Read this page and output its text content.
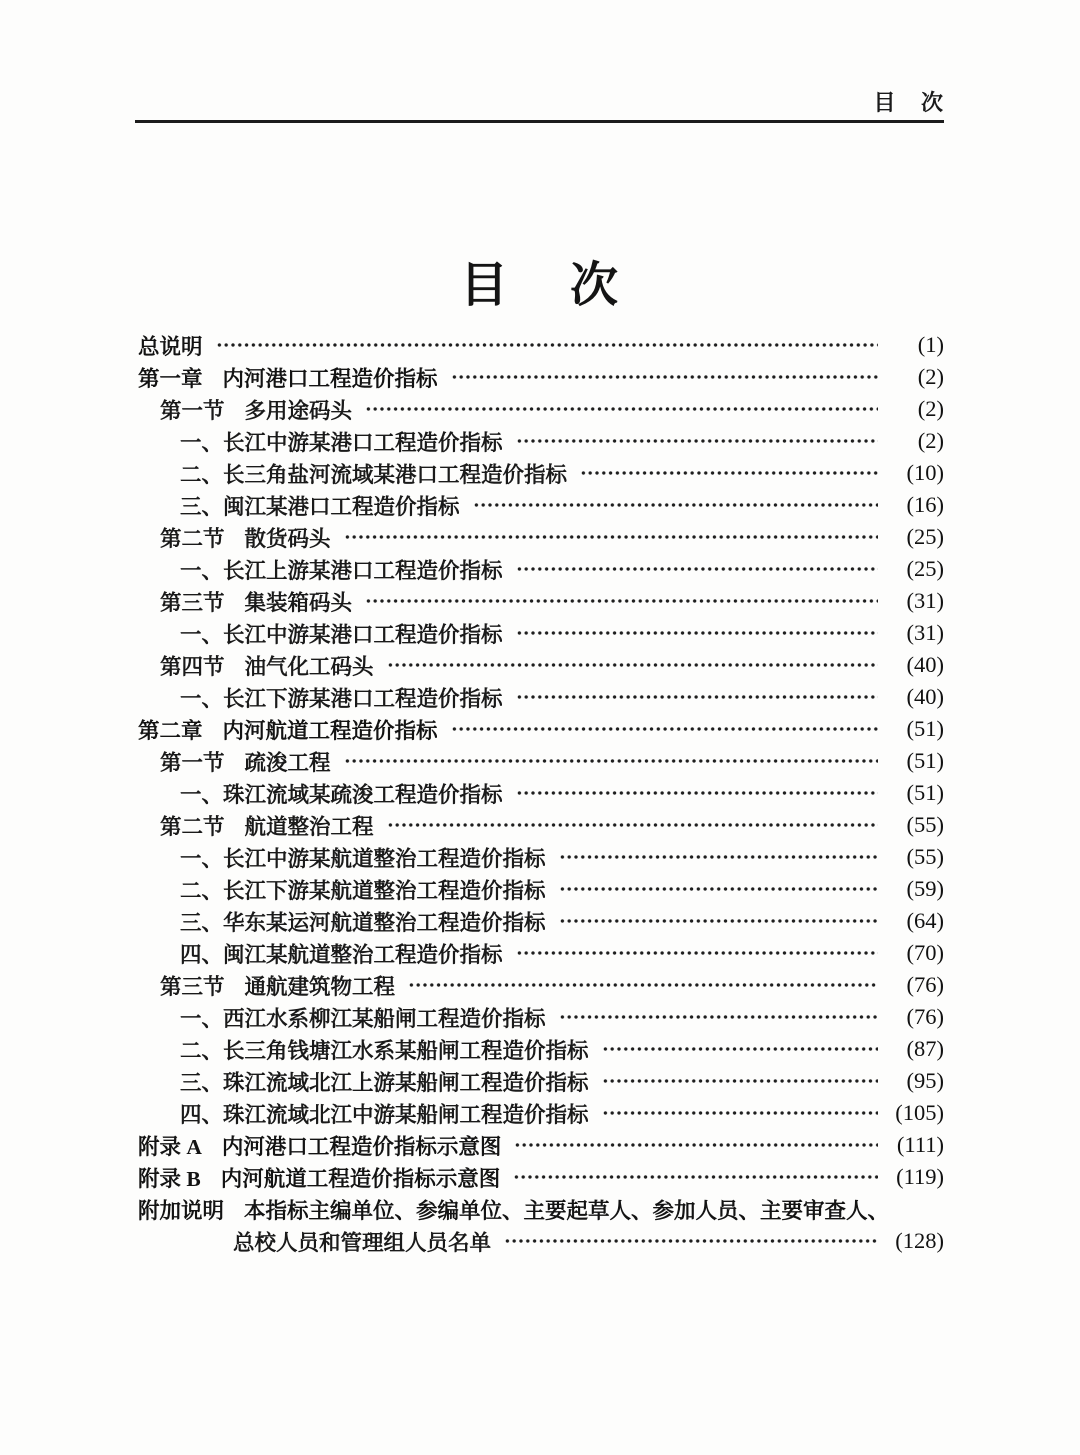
目 次
目 次
总说明	(1)
第一章 内河港口工程造价指标	(2)
第一节 多用途码头	(2)
一、长江中游某港口工程造价指标	(2)
二、长三角盐河流域某港口工程造价指标	(10)
三、闽江某港口工程造价指标	(16)
第二节 散货码头	(25)
一、长江上游某港口工程造价指标	(25)
第三节 集装箱码头	(31)
一、长江中游某港口工程造价指标	(31)
第四节 油气化工码头	(40)
一、长江下游某港口工程造价指标	(40)
第二章 内河航道工程造价指标	(51)
第一节 疏浚工程	(51)
一、珠江流域某疏浚工程造价指标	(51)
第二节 航道整治工程	(55)
一、长江中游某航道整治工程造价指标	(55)
二、长江下游某航道整治工程造价指标	(59)
三、华东某运河航道整治工程造价指标	(64)
四、闽江某航道整治工程造价指标	(70)
第三节 通航建筑物工程	(76)
一、西江水系柳江某船闸工程造价指标	(76)
二、长三角钱塘江水系某船闸工程造价指标	(87)
三、珠江流域北江上游某船闸工程造价指标	(95)
四、珠江流域北江中游某船闸工程造价指标	(105)
附录 A 内河港口工程造价指标示意图	(111)
附录 B 内河航道工程造价指标示意图	(119)
附加说明 本指标主编单位、参编单位、主要起草人、参加人员、主要审查人、
总校人员和管理组人员名单	(128)
